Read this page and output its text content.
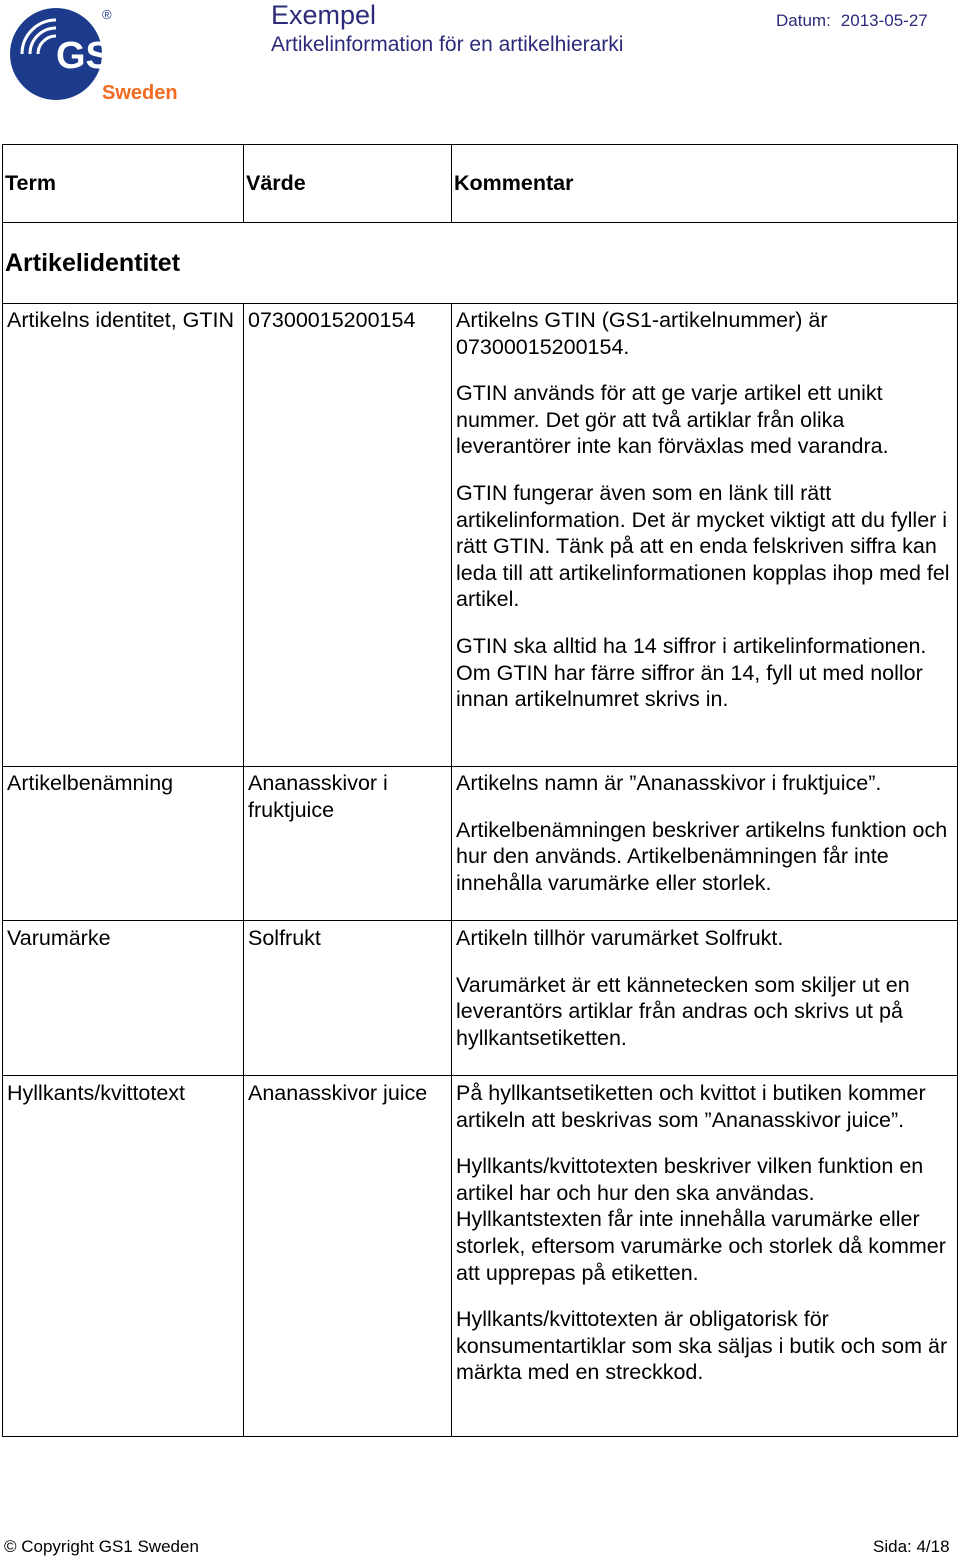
GS1
®
Sweden
Exempel
Artikelinformation för en artikelhierarki
Datum: 2013-05-27
Term	Värde	Kommentar
Artikelidentitet		
Artikelns identitet, GTIN	07300015200154	Artikelns GTIN (GS1-artikelnummer) är 07300015200154.

GTIN används för att ge varje artikel ett unikt nummer. Det gör att två artiklar från olika leverantörer inte kan förväxlas med varandra.

GTIN fungerar även som en länk till rätt artikelinformation. Det är mycket viktigt att du fyller i rätt GTIN. Tänk på att en enda felskriven siffra kan leda till att artikelinformationen kopplas ihop med fel artikel.

GTIN ska alltid ha 14 siffror i artikelinformationen. Om GTIN har färre siffror än 14, fyll ut med nollor innan artikelnumret skrivs in.

Artikelbenämning	Ananasskivor i fruktjuice	Artikelns namn är ”Ananasskivor i fruktjuice”.

Artikelbenämningen beskriver artikelns funktion och hur den används. Artikelbenämningen får inte innehålla varumärke eller storlek.

Varumärke	Solfrukt	Artikeln tillhör varumärket Solfrukt.

Varumärket är ett kännetecken som skiljer ut en leverantörs artiklar från andras och skrivs ut på hyllkantsetiketten.

Hyllkants/kvittotext	Ananasskivor juice	På hyllkantsetiketten och kvittot i butiken kommer artikeln att beskrivas som ”Ananasskivor juice”.

Hyllkants/kvittotexten beskriver vilken funktion en artikel har och hur den ska användas. Hyllkantstexten får inte innehålla varumärke eller storlek, eftersom varumärke och storlek då kommer att upprepas på etiketten.

Hyllkants/kvittotexten är obligatorisk för konsumentartiklar som ska säljas i butik och som är märkta med en streckkod.

© Copyright GS1 Sweden	Sida: 4/18
